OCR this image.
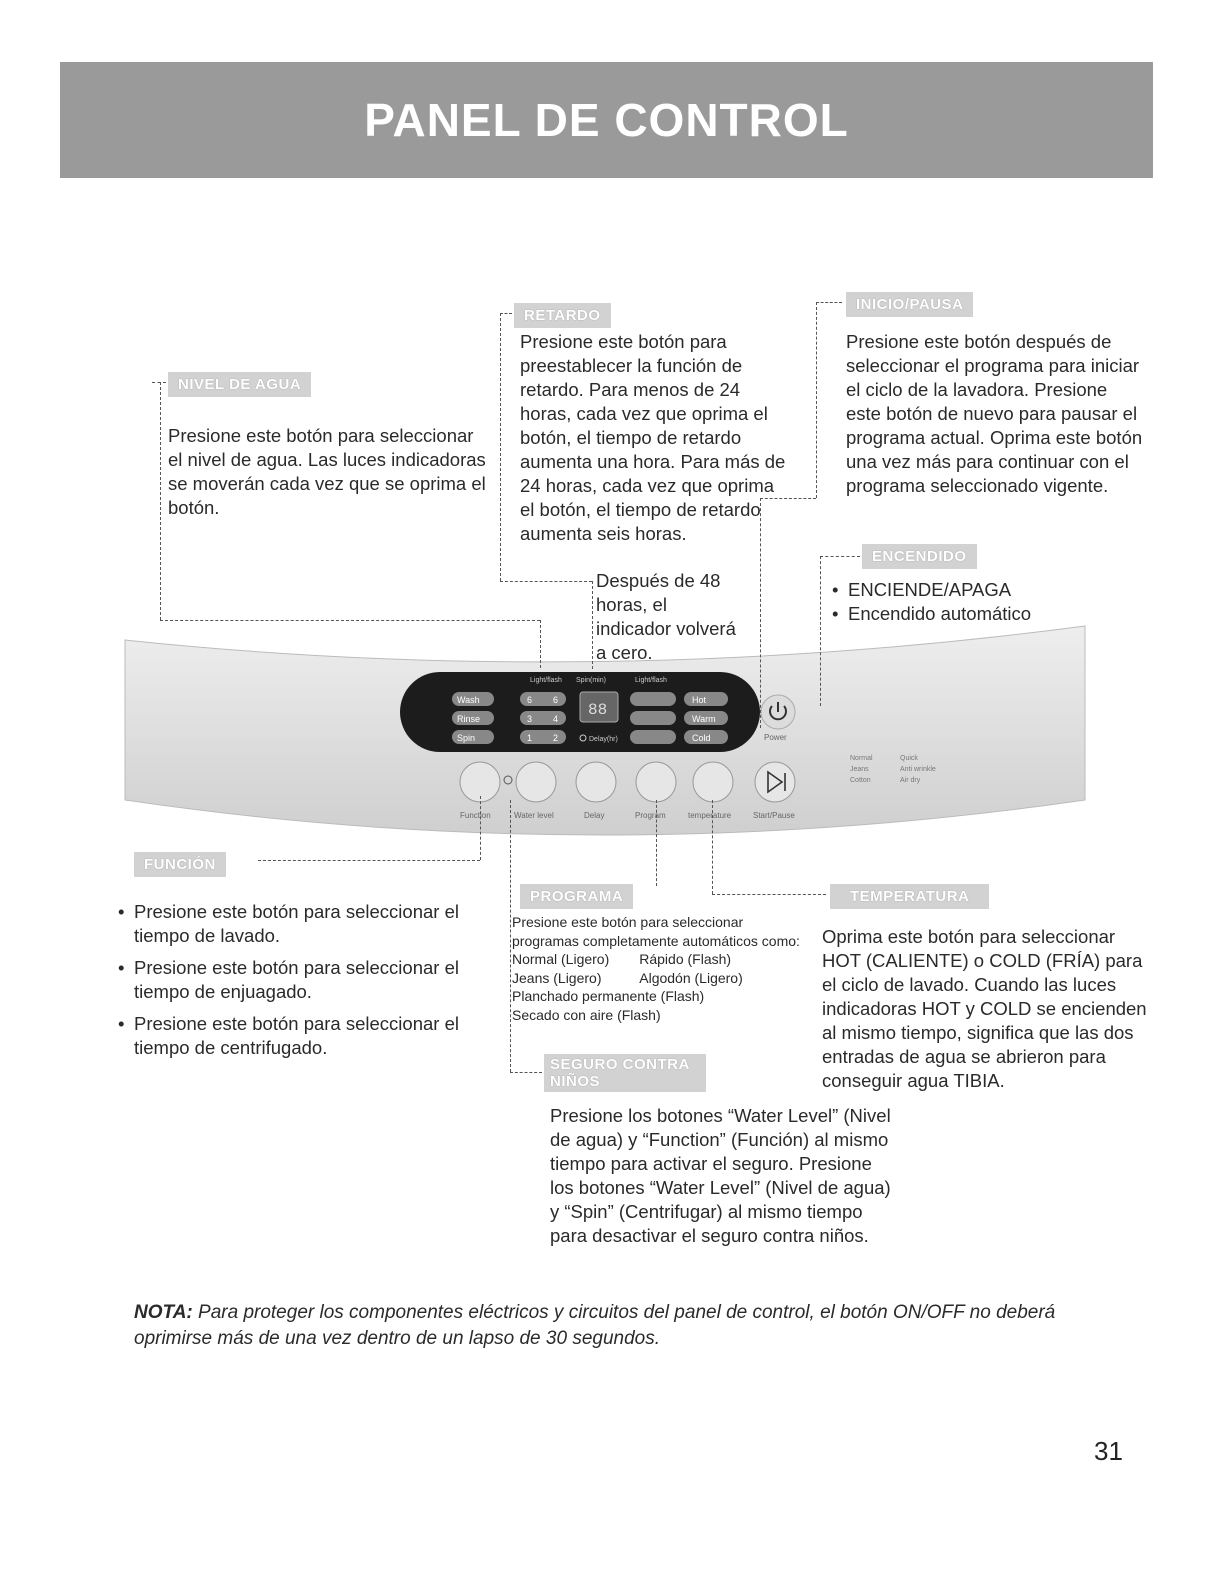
PANEL DE CONTROL
NIVEL DE AGUA
Presione este botón para seleccionar el nivel de agua. Las luces indicadoras se moverán cada vez que se oprima el botón.
RETARDO
Presione este botón para preestablecer la función de retardo. Para menos de 24 horas, cada vez que oprima el botón, el tiempo de retardo aumenta una hora. Para más de 24 horas, cada vez que oprima el botón, el tiempo de retardo aumenta seis horas.
Después de 48 horas, el indicador volverá a cero.
INICIO/PAUSA
Presione este botón después de seleccionar el programa para iniciar el ciclo de la lavadora. Presione este botón de nuevo para pausar el programa actual. Oprima este botón una vez más para continuar con el programa seleccionado vigente.
ENCENDIDO
• ENCIENDE/APAGA
• Encendido automático
Light/flash Spin(min)	Light/flash
Wash
Rinse
Spin
6 6
3 4
1 2
88
Delay(hr)
Hot
Warm
Cold	Power
Function	Water level	Delay	Program	temperature	Start/Pause
Normal	Quick
Jeans	Anti wrinkle
Cotton	Air dry
FUNCIÓN
• Presione este botón para seleccionar el tiempo de lavado.
• Presione este botón para seleccionar el tiempo de enjuagado.
• Presione este botón para seleccionar el tiempo de centrifugado.
PROGRAMA

Presione este botón para seleccionar programas completamente automáticos como:

Normal (Ligero)	Rápido (Flash)
Jeans (Ligero)	Algodón (Ligero)
Planchado permanente (Flash)	
Secado con aire (Flash)	
SEGURO CONTRA NIÑOS
Presione los botones “Water Level” (Nivel de agua) y “Function” (Función) al mismo tiempo para activar el seguro. Presione los botones “Water Level” (Nivel de agua) y “Spin” (Centrifugar) al mismo tiempo para desactivar el seguro contra niños.
TEMPERATURA
Oprima este botón para seleccionar HOT (CALIENTE) o COLD (FRÍA) para el ciclo de lavado. Cuando las luces indicadoras HOT y COLD se encienden al mismo tiempo, significa que las dos entradas de agua se abrieron para conseguir agua TIBIA.
NOTA: Para proteger los componentes eléctricos y circuitos del panel de control, el botón ON/OFF no deberá oprimirse más de una vez dentro de un lapso de 30 segundos.
31
